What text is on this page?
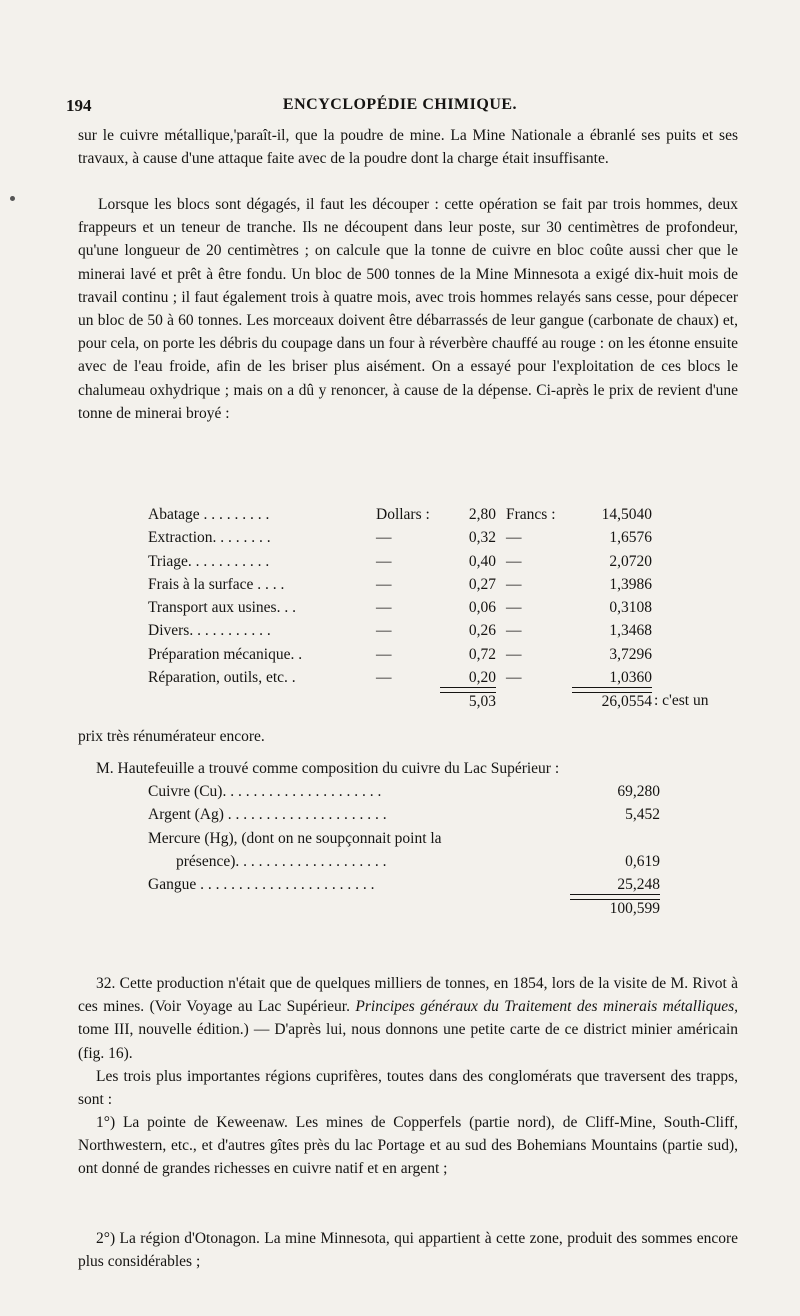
194	ENCYCLOPÉDIE CHIMIQUE.
sur le cuivre métallique,'paraît-il, que la poudre de mine. La Mine Nationale a ébranlé ses puits et ses travaux, à cause d'une attaque faite avec de la poudre dont la charge était insuffisante.
Lorsque les blocs sont dégagés, il faut les découper : cette opération se fait par trois hommes, deux frappeurs et un teneur de tranche. Ils ne découpent dans leur poste, sur 30 centimètres de profondeur, qu'une longueur de 20 centimètres ; on calcule que la tonne de cuivre en bloc coûte aussi cher que le minerai lavé et prêt à être fondu. Un bloc de 500 tonnes de la Mine Minnesota a exigé dix-huit mois de travail continu ; il faut également trois à quatre mois, avec trois hommes relayés sans cesse, pour dépecer un bloc de 50 à 60 tonnes. Les morceaux doivent être débarrassés de leur gangue (carbonate de chaux) et, pour cela, on porte les débris du coupage dans un four à réverbère chauffé au rouge : on les étonne ensuite avec de l'eau froide, afin de les briser plus aisément. On a essayé pour l'exploitation de ces blocs le chalumeau oxhydrique ; mais on a dû y renoncer, à cause de la dépense. Ci-après le prix de revient d'une tonne de minerai broyé :
Abatage . . . . . . . . .	Dollars :	2,80 Francs :	14,5040
Extraction. . . . . . . .	—	0,32 —	1,6576
Triage. . . . . . . . . . .	—	0,40 —	2,0720
Frais à la surface . . . .	—	0,27 —	1,3986
Transport aux usines. . .	—	0,06 —	0,3108
Divers. . . . . . . . . . .	—	0,26 —	1,3468
Préparation mécanique. .	—	0,72 —	3,7296
Réparation, outils, etc. .	—	0,20 —	1,0360
5,03	26,0554 : c'est un
prix très rénumérateur encore.
M. Hautefeuille a trouvé comme composition du cuivre du Lac Supérieur :
Cuivre (Cu). . . . . . . . . . . . . . . . . . . . .	69,280
Argent (Ag) . . . . . . . . . . . . . . . . . . . . .	5,452
Mercure (Hg), (dont on ne soupçonnait point la
présence). . . . . . . . . . . . . . . . . . . .	0,619
Gangue . . . . . . . . . . . . . . . . . . . . . . .	25,248
100,599
32. Cette production n'était que de quelques milliers de tonnes, en 1854, lors de la visite de M. Rivot à ces mines. (Voir Voyage au Lac Supérieur. Principes généraux du Traitement des minerais métalliques, tome III, nouvelle édition.) — D'après lui, nous donnons une petite carte de ce district minier américain (fig. 16).
Les trois plus importantes régions cuprifères, toutes dans des conglomérats que traversent des trapps, sont :
1°) La pointe de Keweenaw. Les mines de Copperfels (partie nord), de Cliff-Mine, South-Cliff, Northwestern, etc., et d'autres gîtes près du lac Portage et au sud des Bohemians Mountains (partie sud), ont donné de grandes richesses en cuivre natif et en argent ;
2°) La région d'Otonagon. La mine Minnesota, qui appartient à cette zone, produit des sommes encore plus considérables ;
